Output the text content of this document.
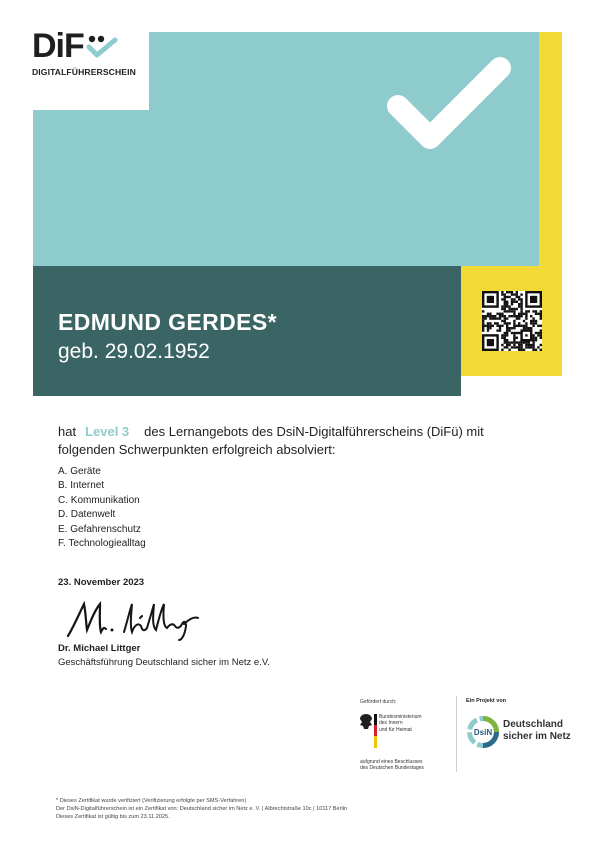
DiF
DIGITALFÜHRERSCHEIN
EDMUND GERDES*
geb. 29.02.1952
hat Level 3 des Lernangebots des DsiN-Digitalführerscheins (DiFü) mit folgenden Schwerpunkten erfolgreich absolviert:
A. Geräte
B. Internet
C. Kommunikation
D. Datenwelt
E. Gefahrenschutz
F. Technologiealltag
23. November 2023
Dr. Michael Littger
Geschäftsführung Deutschland sicher im Netz e.V.
Gefördert durch:
Bundesministerium
des Innern
und für Heimat
aufgrund eines Beschlusses
des Deutschen Bundestages
Ein Projekt von
DsiN
Deutschland
sicher im Netz
* Dieses Zertifikat wurde verifiziert (Verifizierung erfolgte per SMS-Verfahren)
Der DsiN-Digitalführerschein ist ein Zertifikat von: Deutschland sicher im Netz e. V. | Albrechtstraße 10c | 10117 Berlin
Dieses Zertifikat ist gültig bis zum 23.11.2025.
